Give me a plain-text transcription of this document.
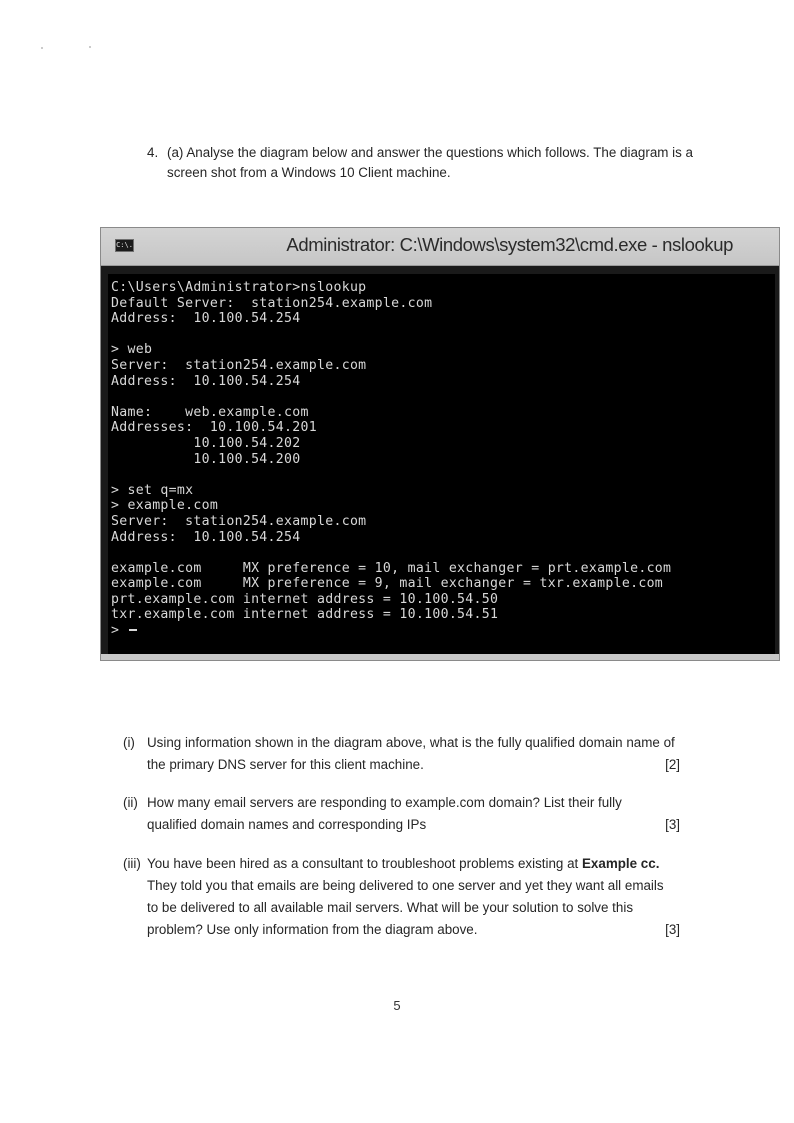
4. (a) Analyse the diagram below and answer the questions which follows. The diagram is a screen shot from a Windows 10 Client machine.
C:\.	Administrator: C:\Windows\system32\cmd.exe - nslookup
C:\Users\Administrator>nslookup
Default Server:  station254.example.com
Address:  10.100.54.254

> web
Server:  station254.example.com
Address:  10.100.54.254

Name:    web.example.com
Addresses:  10.100.54.201
10.100.54.202
10.100.54.200

> set q=mx
> example.com
Server:  station254.example.com
Address:  10.100.54.254

example.com     MX preference = 10, mail exchanger = prt.example.com
example.com     MX preference = 9, mail exchanger = txr.example.com
prt.example.com internet address = 10.100.54.50
txr.example.com internet address = 10.100.54.51
>
(i) Using information shown in the diagram above, what is the fully qualified domain name of the primary DNS server for this client machine.	[2]
(ii) How many email servers are responding to example.com domain? List their fully qualified domain names and corresponding IPs	[3]
(iii) You have been hired as a consultant to troubleshoot problems existing at Example cc. They told you that emails are being delivered to one server and yet they want all emails to be delivered to all available mail servers. What will be your solution to solve this problem? Use only information from the diagram above.	[3]
5
